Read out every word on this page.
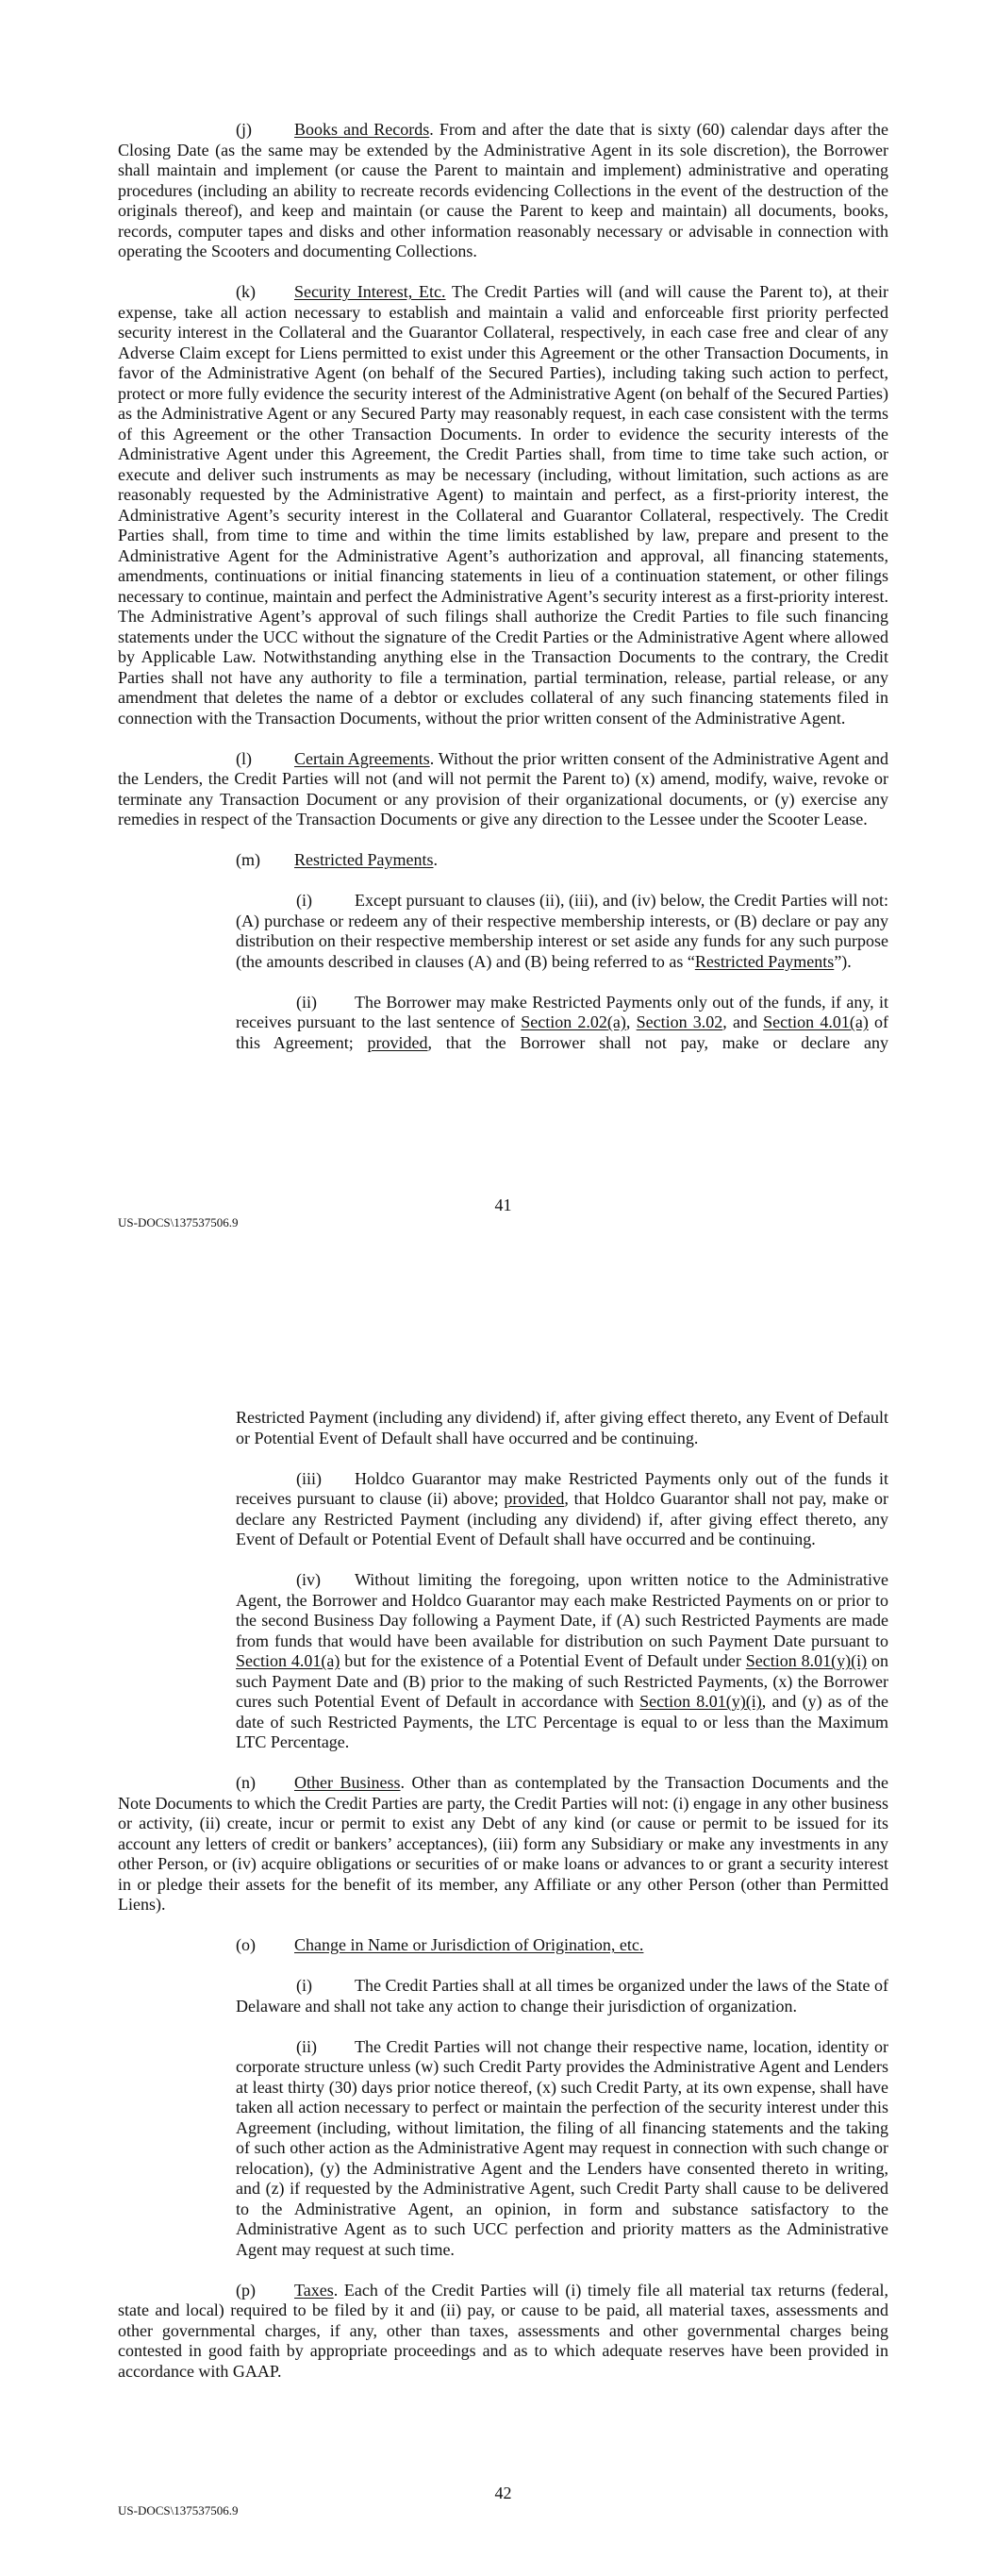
(j)	Books and Records. From and after the date that is sixty (60) calendar days after the Closing Date (as the same may be extended by the Administrative Agent in its sole discretion), the Borrower shall maintain and implement (or cause the Parent to maintain and implement) administrative and operating procedures (including an ability to recreate records evidencing Collections in the event of the destruction of the originals thereof), and keep and maintain (or cause the Parent to keep and maintain) all documents, books, records, computer tapes and disks and other information reasonably necessary or advisable in connection with operating the Scooters and documenting Collections.

(k) Security Interest, Etc. The Credit Parties will (and will cause the Parent to), at their expense, take all action necessary to establish and maintain a valid and enforceable first priority perfected security interest in the Collateral and the Guarantor Collateral, respectively, in each case free and clear of any Adverse Claim except for Liens permitted to exist under this Agreement or the other Transaction Documents, in favor of the Administrative Agent (on behalf of the Secured Parties), including taking such action to perfect, protect or more fully evidence the security interest of the Administrative Agent (on behalf of the Secured Parties) as the Administrative Agent or any Secured Party may reasonably request, in each case consistent with the terms of this Agreement or the other Transaction Documents. In order to evidence the security interests of the Administrative Agent under this Agreement, the Credit Parties shall, from time to time take such action, or execute and deliver such instruments as may be necessary (including, without limitation, such actions as are reasonably requested by the Administrative Agent) to maintain and perfect, as a first-priority interest, the Administrative Agent’s security interest in the Collateral and Guarantor Collateral, respectively. The Credit Parties shall, from time to time and within the time limits established by law, prepare and present to the Administrative Agent for the Administrative Agent’s authorization and approval, all financing statements, amendments, continuations or initial financing statements in lieu of a continuation statement, or other filings necessary to continue, maintain and perfect the Administrative Agent’s security interest as a first-priority interest. The Administrative Agent’s approval of such filings shall authorize the Credit Parties to file such financing statements under the UCC without the signature of the Credit Parties or the Administrative Agent where allowed by Applicable Law. Notwithstanding anything else in the Transaction Documents to the contrary, the Credit Parties shall not have any authority to file a termination, partial termination, release, partial release, or any amendment that deletes the name of a debtor or excludes collateral of any such financing statements filed in connection with the Transaction Documents, without the prior written consent of the Administrative Agent.

(l)	Certain Agreements. Without the prior written consent of the Administrative Agent and the Lenders, the Credit Parties will not (and will not permit the Parent to) (x) amend, modify, waive, revoke or terminate any Transaction Document or any provision of their organizational documents, or (y) exercise any remedies in respect of the Transaction Documents or give any direction to the Lessee under the Scooter Lease.

(m) Restricted Payments.

(i)	Except pursuant to clauses (ii), (iii), and (iv) below, the Credit Parties will not: (A) purchase or redeem any of their respective membership interests, or (B) declare or pay any distribution on their respective membership interest or set aside any funds for any such purpose (the amounts described in clauses (A) and (B) being referred to as “Restricted Payments”).

(ii) The Borrower may make Restricted Payments only out of the funds, if any, it receives pursuant to the last sentence of Section 2.02(a), Section 3.02, and Section 4.01(a) of this Agreement; provided, that the Borrower shall not pay, make or declare any

41
US-DOCS\137537506.9

Restricted Payment (including any dividend) if, after giving effect thereto, any Event of Default or Potential Event of Default shall have occurred and be continuing.

(iii) Holdco Guarantor may make Restricted Payments only out of the funds it receives pursuant to clause (ii) above; provided, that Holdco Guarantor shall not pay, make or declare any Restricted Payment (including any dividend) if, after giving effect thereto, any Event of Default or Potential Event of Default shall have occurred and be continuing.

(iv) Without limiting the foregoing, upon written notice to the Administrative Agent, the Borrower and Holdco Guarantor may each make Restricted Payments on or prior to the second Business Day following a Payment Date, if (A) such Restricted Payments are made from funds that would have been available for distribution on such Payment Date pursuant to Section 4.01(a) but for the existence of a Potential Event of Default under Section 8.01(y)(i) on such Payment Date and (B) prior to the making of such Restricted Payments, (x) the Borrower cures such Potential Event of Default in accordance with Section 8.01(y)(i), and (y) as of the date of such Restricted Payments, the LTC Percentage is equal to or less than the Maximum LTC Percentage.

(n) Other Business. Other than as contemplated by the Transaction Documents and the Note Documents to which the Credit Parties are party, the Credit Parties will not: (i) engage in any other business or activity, (ii) create, incur or permit to exist any Debt of any kind (or cause or permit to be issued for its account any letters of credit or bankers’ acceptances), (iii) form any Subsidiary or make any investments in any other Person, or (iv) acquire obligations or securities of or make loans or advances to or grant a security interest in or pledge their assets for the benefit of its member, any Affiliate or any other Person (other than Permitted Liens).

(o) Change in Name or Jurisdiction of Origination, etc.

(i)	The Credit Parties shall at all times be organized under the laws of the State of Delaware and shall not take any action to change their jurisdiction of organization.

(ii) The Credit Parties will not change their respective name, location, identity or corporate structure unless (w) such Credit Party provides the Administrative Agent and Lenders at least thirty (30) days prior notice thereof, (x) such Credit Party, at its own expense, shall have taken all action necessary to perfect or maintain the perfection of the security interest under this Agreement (including, without limitation, the filing of all financing statements and the taking of such other action as the Administrative Agent may request in connection with such change or relocation), (y) the Administrative Agent and the Lenders have consented thereto in writing, and (z) if requested by the Administrative Agent, such Credit Party shall cause to be delivered to the Administrative Agent, an opinion, in form and substance satisfactory to the Administrative Agent as to such UCC perfection and priority matters as the Administrative Agent may request at such time.

(p) Taxes. Each of the Credit Parties will (i) timely file all material tax returns (federal, state and local) required to be filed by it and (ii) pay, or cause to be paid, all material taxes, assessments and other governmental charges, if any, other than taxes, assessments and other governmental charges being contested in good faith by appropriate proceedings and as to which adequate reserves have been provided in accordance with GAAP.

42
US-DOCS\137537506.9
